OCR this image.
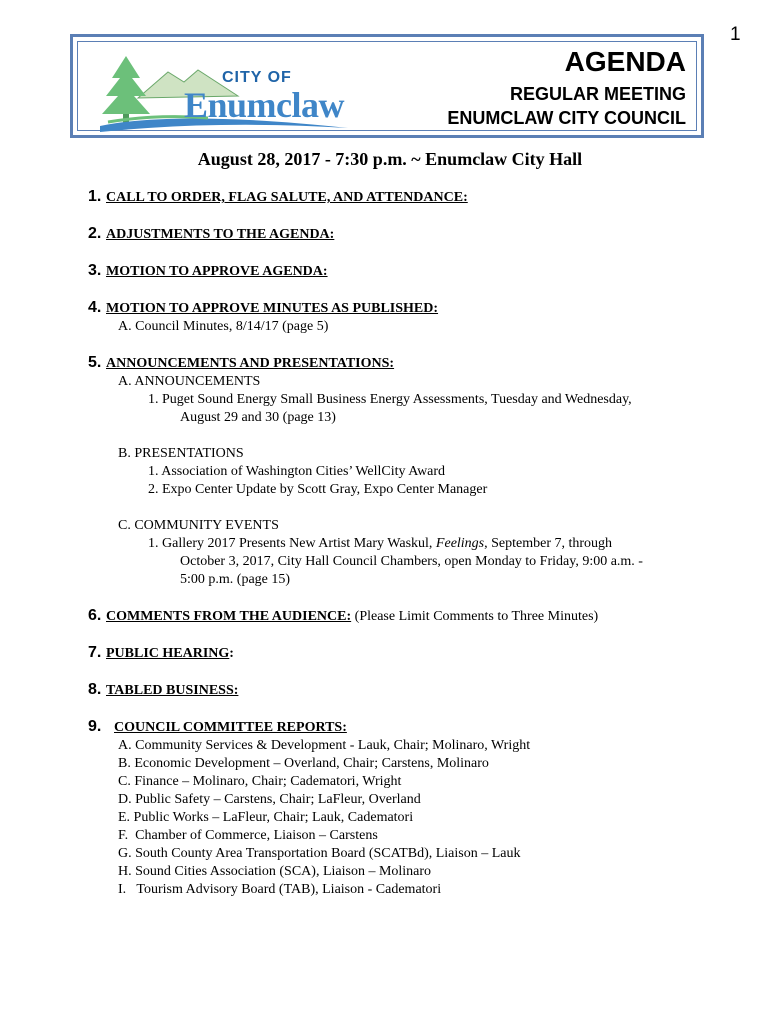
1
CITY OF
Enumclaw
AGENDA
REGULAR MEETING
ENUMCLAW CITY COUNCIL
August 28, 2017 - 7:30 p.m. ~ Enumclaw City Hall
1. CALL TO ORDER, FLAG SALUTE, AND ATTENDANCE:
2. ADJUSTMENTS TO THE AGENDA:
3. MOTION TO APPROVE AGENDA:
4. MOTION TO APPROVE MINUTES AS PUBLISHED:
A. Council Minutes, 8/14/17 (page 5)
5. ANNOUNCEMENTS AND PRESENTATIONS:
A. ANNOUNCEMENTS
1. Puget Sound Energy Small Business Energy Assessments, Tuesday and Wednesday,
August 29 and 30 (page 13)
B. PRESENTATIONS
1. Association of Washington Cities’ WellCity Award
2. Expo Center Update by Scott Gray, Expo Center Manager
C. COMMUNITY EVENTS
1. Gallery 2017 Presents New Artist Mary Waskul, Feelings, September 7, through
October 3, 2017, City Hall Council Chambers, open Monday to Friday, 9:00 a.m. -
5:00 p.m. (page 15)
6. COMMENTS FROM THE AUDIENCE: (Please Limit Comments to Three Minutes)
7. PUBLIC HEARING :
8. TABLED BUSINESS:
9. COUNCIL COMMITTEE REPORTS:
A. Community Services & Development - Lauk, Chair; Molinaro, Wright
B. Economic Development – Overland, Chair; Carstens, Molinaro
C. Finance – Molinaro, Chair; Cadematori, Wright
D. Public Safety – Carstens, Chair; LaFleur, Overland
E. Public Works – LaFleur, Chair; Lauk, Cadematori
F.  Chamber of Commerce, Liaison – Carstens
G. South County Area Transportation Board (SCATBd), Liaison – Lauk
H. Sound Cities Association (SCA), Liaison – Molinaro
I.   Tourism Advisory Board (TAB), Liaison - Cadematori
